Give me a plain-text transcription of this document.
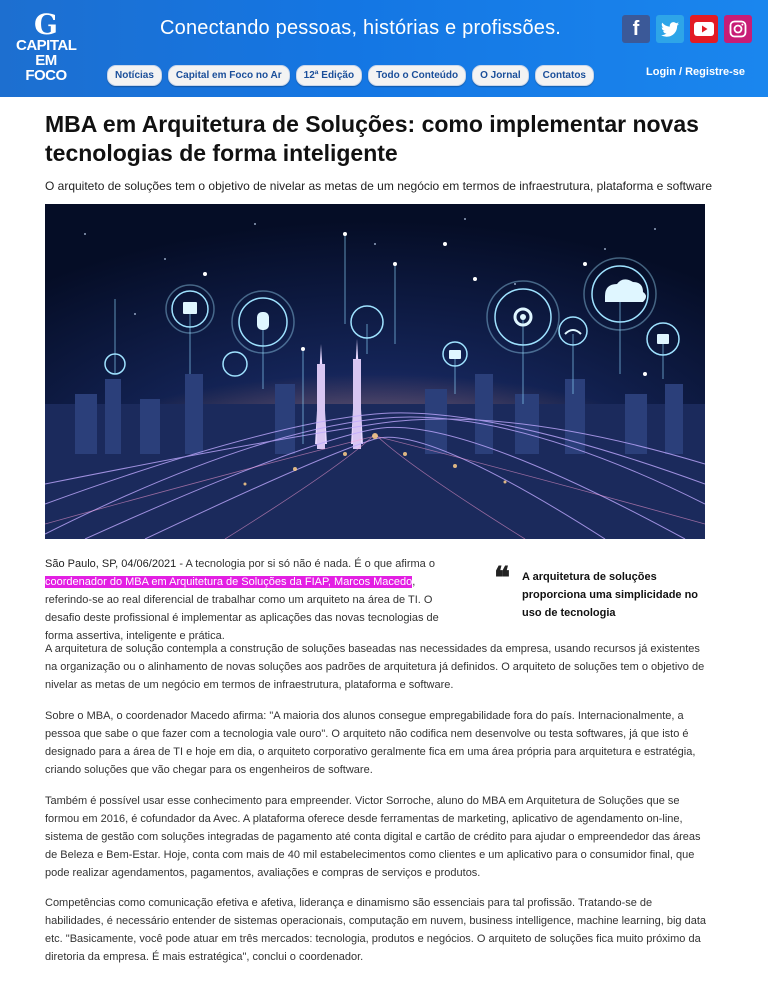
G
CAPITAL
EM FOCO
Conectando pessoas, histórias e profissões.	f
Notícias	Capital em Foco no Ar	12ª Edição	Todo o Conteúdo	O Jornal	Contatos	Login / Registre-se
MBA em Arquitetura de Soluções: como implementar novas tecnologias de forma inteligente
O arquiteto de soluções tem o objetivo de nivelar as metas de um negócio em termos de infraestrutura, plataforma e software
São Paulo, SP, 04/06/2021 - A tecnologia por si só não é nada. É o que afirma o coordenador do MBA em Arquitetura de Soluções da FIAP, Marcos Macedo, referindo-se ao real diferencial de trabalhar como um arquiteto na área de TI. O desafio deste profissional é implementar as aplicações das novas tecnologias de forma assertiva, inteligente e prática.
❝ A arquitetura de soluções proporciona uma simplicidade no uso de tecnologia

A arquitetura de solução contempla a construção de soluções baseadas nas necessidades da empresa, usando recursos já existentes na organização ou o alinhamento de novas soluções aos padrões de arquitetura já definidos. O arquiteto de soluções tem o objetivo de nivelar as metas de um negócio em termos de infraestrutura, plataforma e software.

Sobre o MBA, o coordenador Macedo afirma: "A maioria dos alunos consegue empregabilidade fora do país. Internacionalmente, a pessoa que sabe o que fazer com a tecnologia vale ouro". O arquiteto não codifica nem desenvolve ou testa softwares, já que isto é designado para a área de TI e hoje em dia, o arquiteto corporativo geralmente fica em uma área própria para arquitetura e estratégia, criando soluções que vão chegar para os engenheiros de software.

Também é possível usar esse conhecimento para empreender. Victor Sorroche, aluno do MBA em Arquitetura de Soluções que se formou em 2016, é cofundador da Avec. A plataforma oferece desde ferramentas de marketing, aplicativo de agendamento on-line, sistema de gestão com soluções integradas de pagamento até conta digital e cartão de crédito para ajudar o empreendedor das áreas de Beleza e Bem-Estar. Hoje, conta com mais de 40 mil estabelecimentos como clientes e um aplicativo para o consumidor final, que pode realizar agendamentos, pagamentos, avaliações e compras de serviços e produtos.

Competências como comunicação efetiva e afetiva, liderança e dinamismo são essenciais para tal profissão. Tratando-se de habilidades, é necessário entender de sistemas operacionais, computação em nuvem, business intelligence, machine learning, big data etc. "Basicamente, você pode atuar em três mercados: tecnologia, produtos e negócios. O arquiteto de soluções fica muito próximo da diretoria da empresa. É mais estratégica", conclui o coordenador.
